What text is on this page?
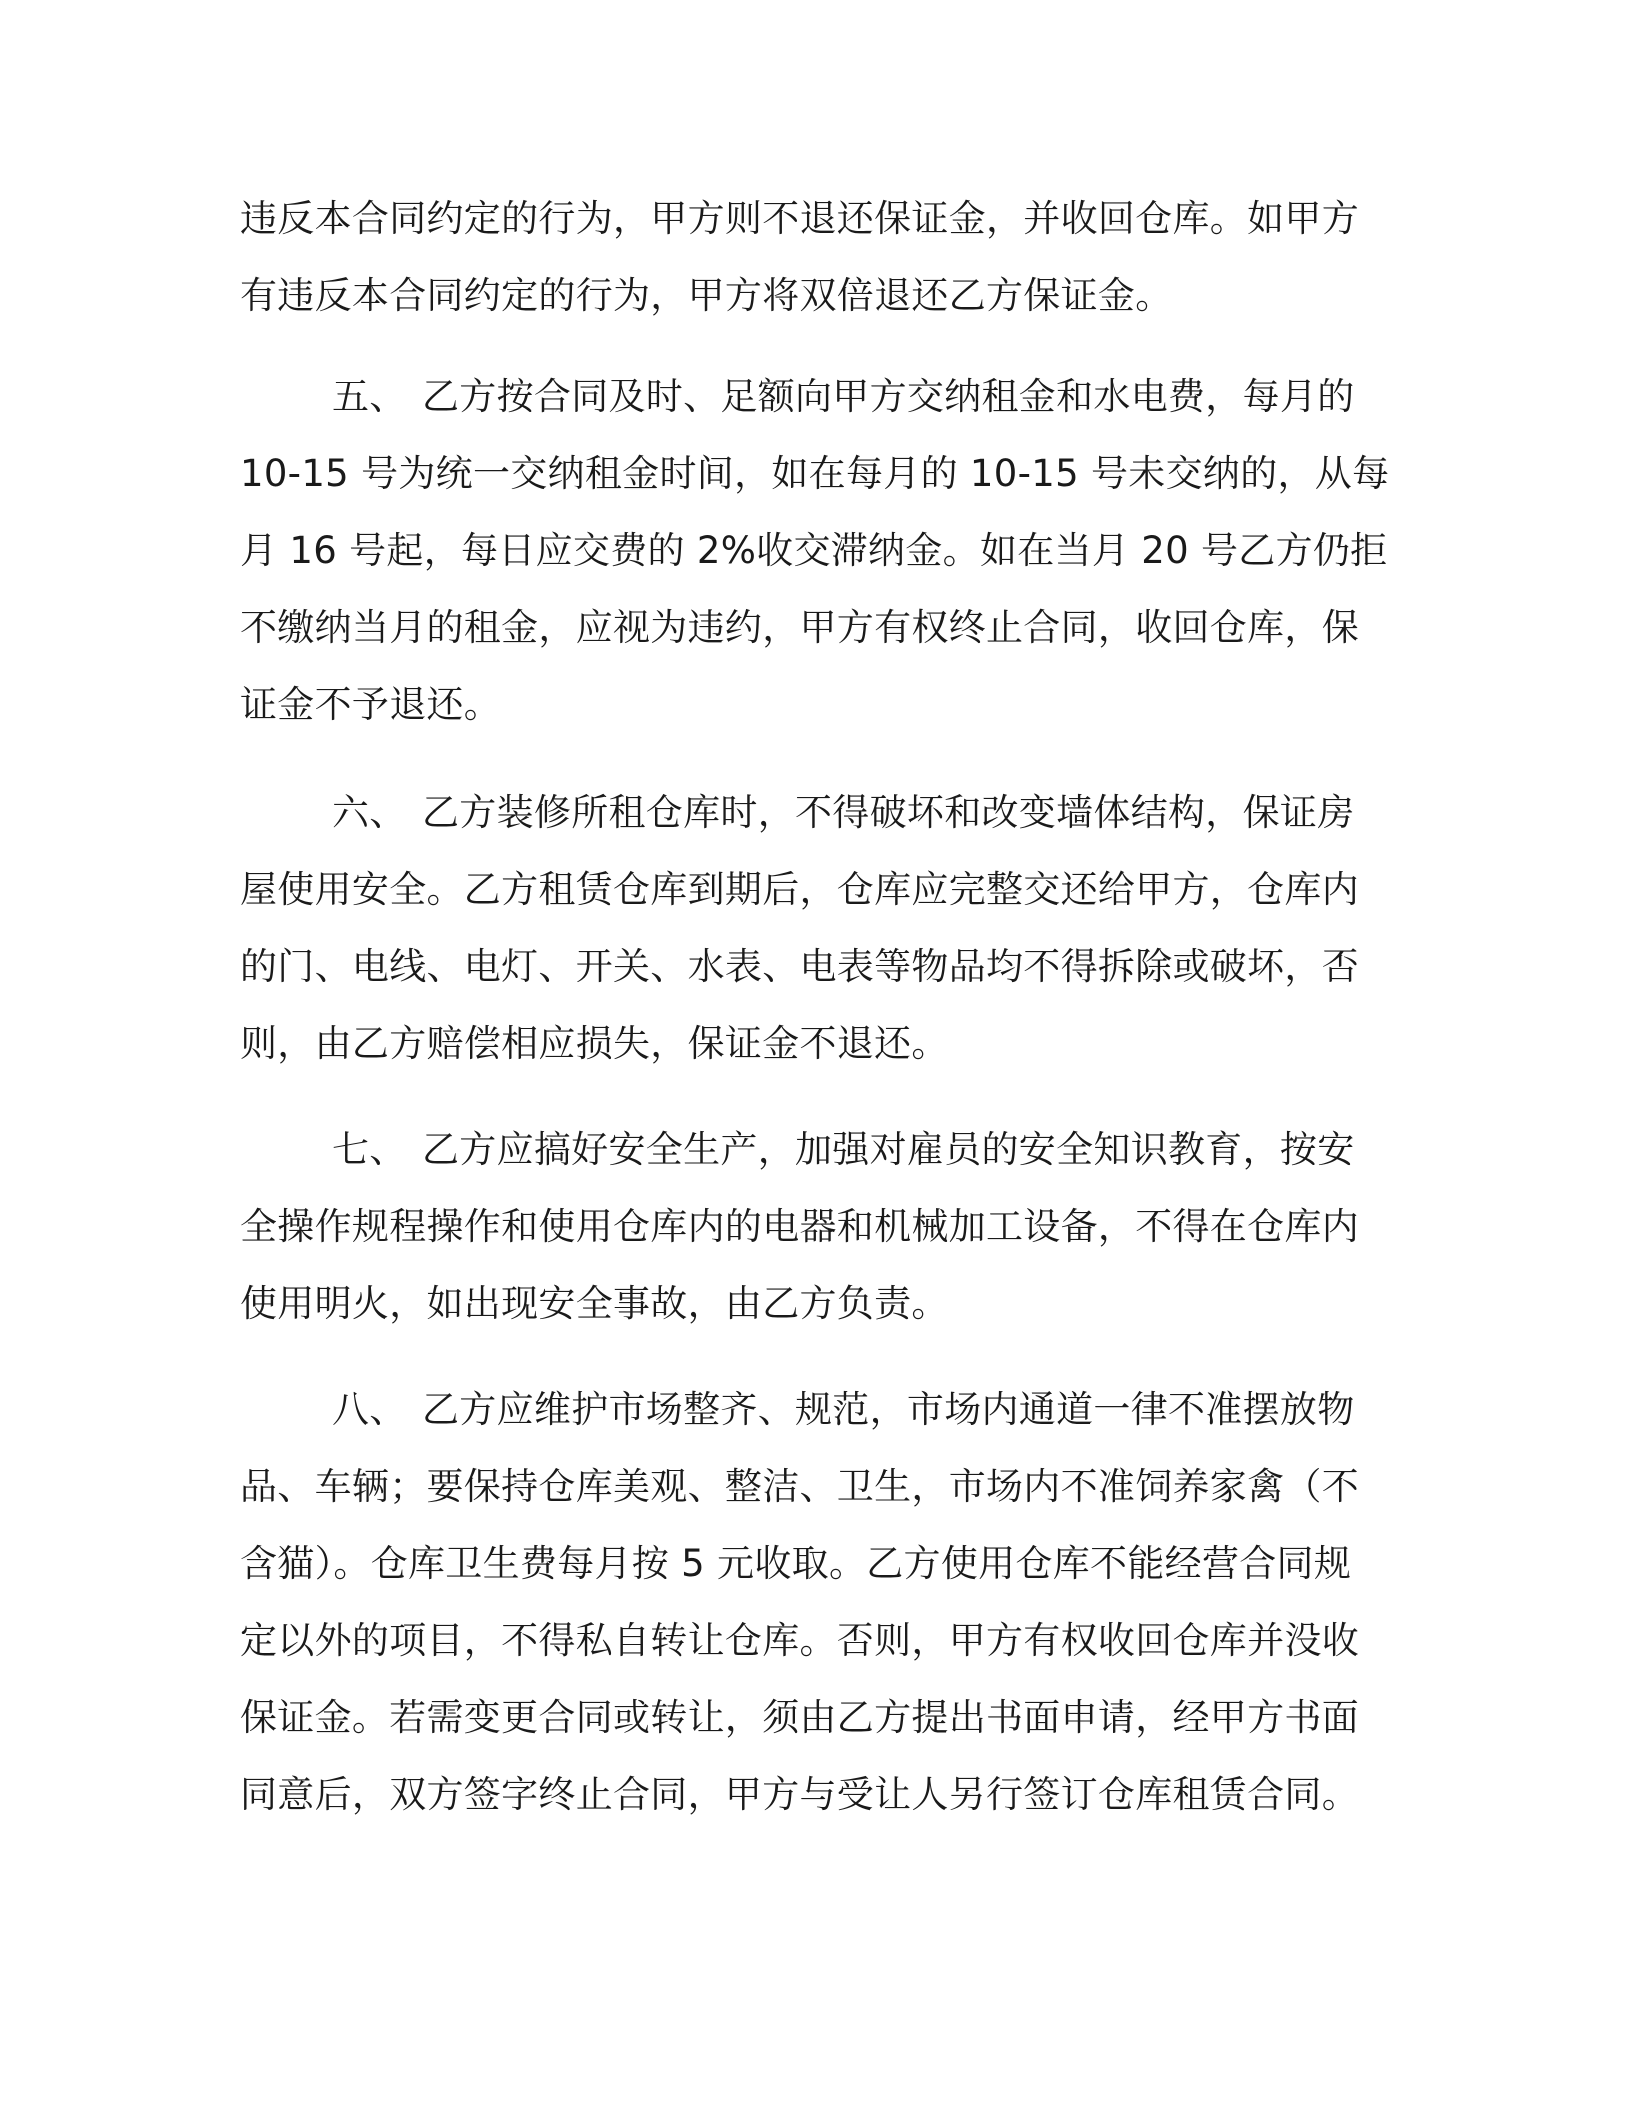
违反本合同约定的行为，甲方则不退还保证金，并收回仓库。如甲方
有违反本合同约定的行为，甲方将双倍退还乙方保证金。
五、 乙方按合同及时、足额向甲方交纳租金和水电费，每月的
10-15 号为统一交纳租金时间，如在每月的 10-15 号未交纳的，从每
月 16 号起，每日应交费的 2%收交滞纳金。如在当月 20 号乙方仍拒
不缴纳当月的租金，应视为违约，甲方有权终止合同，收回仓库，保
证金不予退还。
六、 乙方装修所租仓库时，不得破坏和改变墙体结构，保证房
屋使用安全。乙方租赁仓库到期后，仓库应完整交还给甲方，仓库内
的门、电线、电灯、开关、水表、电表等物品均不得拆除或破坏，否
则，由乙方赔偿相应损失，保证金不退还。
七、 乙方应搞好安全生产，加强对雇员的安全知识教育，按安
全操作规程操作和使用仓库内的电器和机械加工设备，不得在仓库内
使用明火，如出现安全事故，由乙方负责。
八、 乙方应维护市场整齐、规范，市场内通道一律不准摆放物
品、车辆；要保持仓库美观、整洁、卫生，市场内不准饲养家禽（不
含猫）。仓库卫生费每月按 5 元收取。乙方使用仓库不能经营合同规
定以外的项目，不得私自转让仓库。否则，甲方有权收回仓库并没收
保证金。若需变更合同或转让，须由乙方提出书面申请，经甲方书面
同意后，双方签字终止合同，甲方与受让人另行签订仓库租赁合同。
